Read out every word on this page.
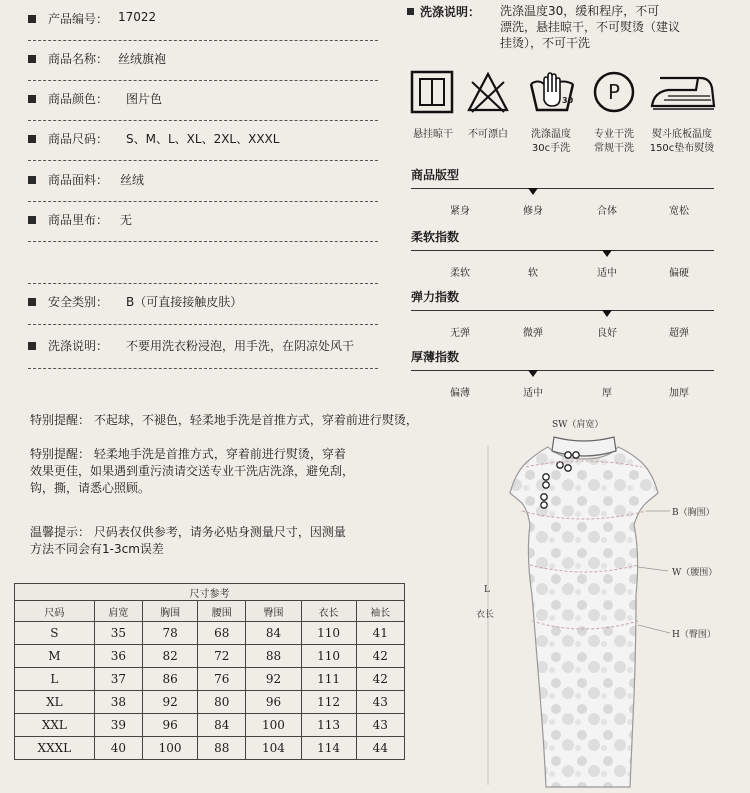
产品编号： 17022
商品名称： 丝绒旗袍
商品颜色： 图片色
商品尺码： S、M、L、XL、2XL、XXXL
商品面料： 丝绒
商品里布： 无
安全类别： B（可直接接触皮肤）
洗涤说明： 不要用洗衣粉浸泡，用手洗，在阴凉处风干
洗涤说明： 洗涤温度30，缓和程序，不可
漂洗，悬挂晾干，不可熨烫（建议
挂烫），不可干洗
30	P
悬挂晾干	不可漂白	洗涤温度
30c手洗
专业干洗
常规干洗
熨斗底板温度
150c垫布熨烫
商品版型
紧身	修身	合体	宽松
柔软指数
柔软	软	适中	偏硬
弹力指数
无弹	微弹	良好	超弹
厚薄指数
偏薄	适中	厚	加厚
特别提醒： 不起球，不褪色，轻柔地手洗是首推方式，穿着前进行熨烫，
特别提醒： 轻柔地手洗是首推方式，穿着前进行熨烫，穿着
效果更佳，如果遇到重污渍请交送专业干洗店洗涤，避免刮，
钩，撕，请悉心照顾。
温馨提示： 尺码表仅供参考，请务必贴身测量尺寸，因测量
方法不同会有1-3cm误差
尺寸参考						
尺码	肩宽	胸围	腰围	臀围	衣长	袖长
S	35	78	68	84	110	41
M	36	82	72	88	110	42
L	37	86	76	92	111	42
XL	38	92	80	96	112	43
XXL	39	96	84	100	113	43
XXXL	40	100	88	104	114	44
SW（肩宽）
B（胸围）
W（腰围）
H（臀围）
L
衣长
